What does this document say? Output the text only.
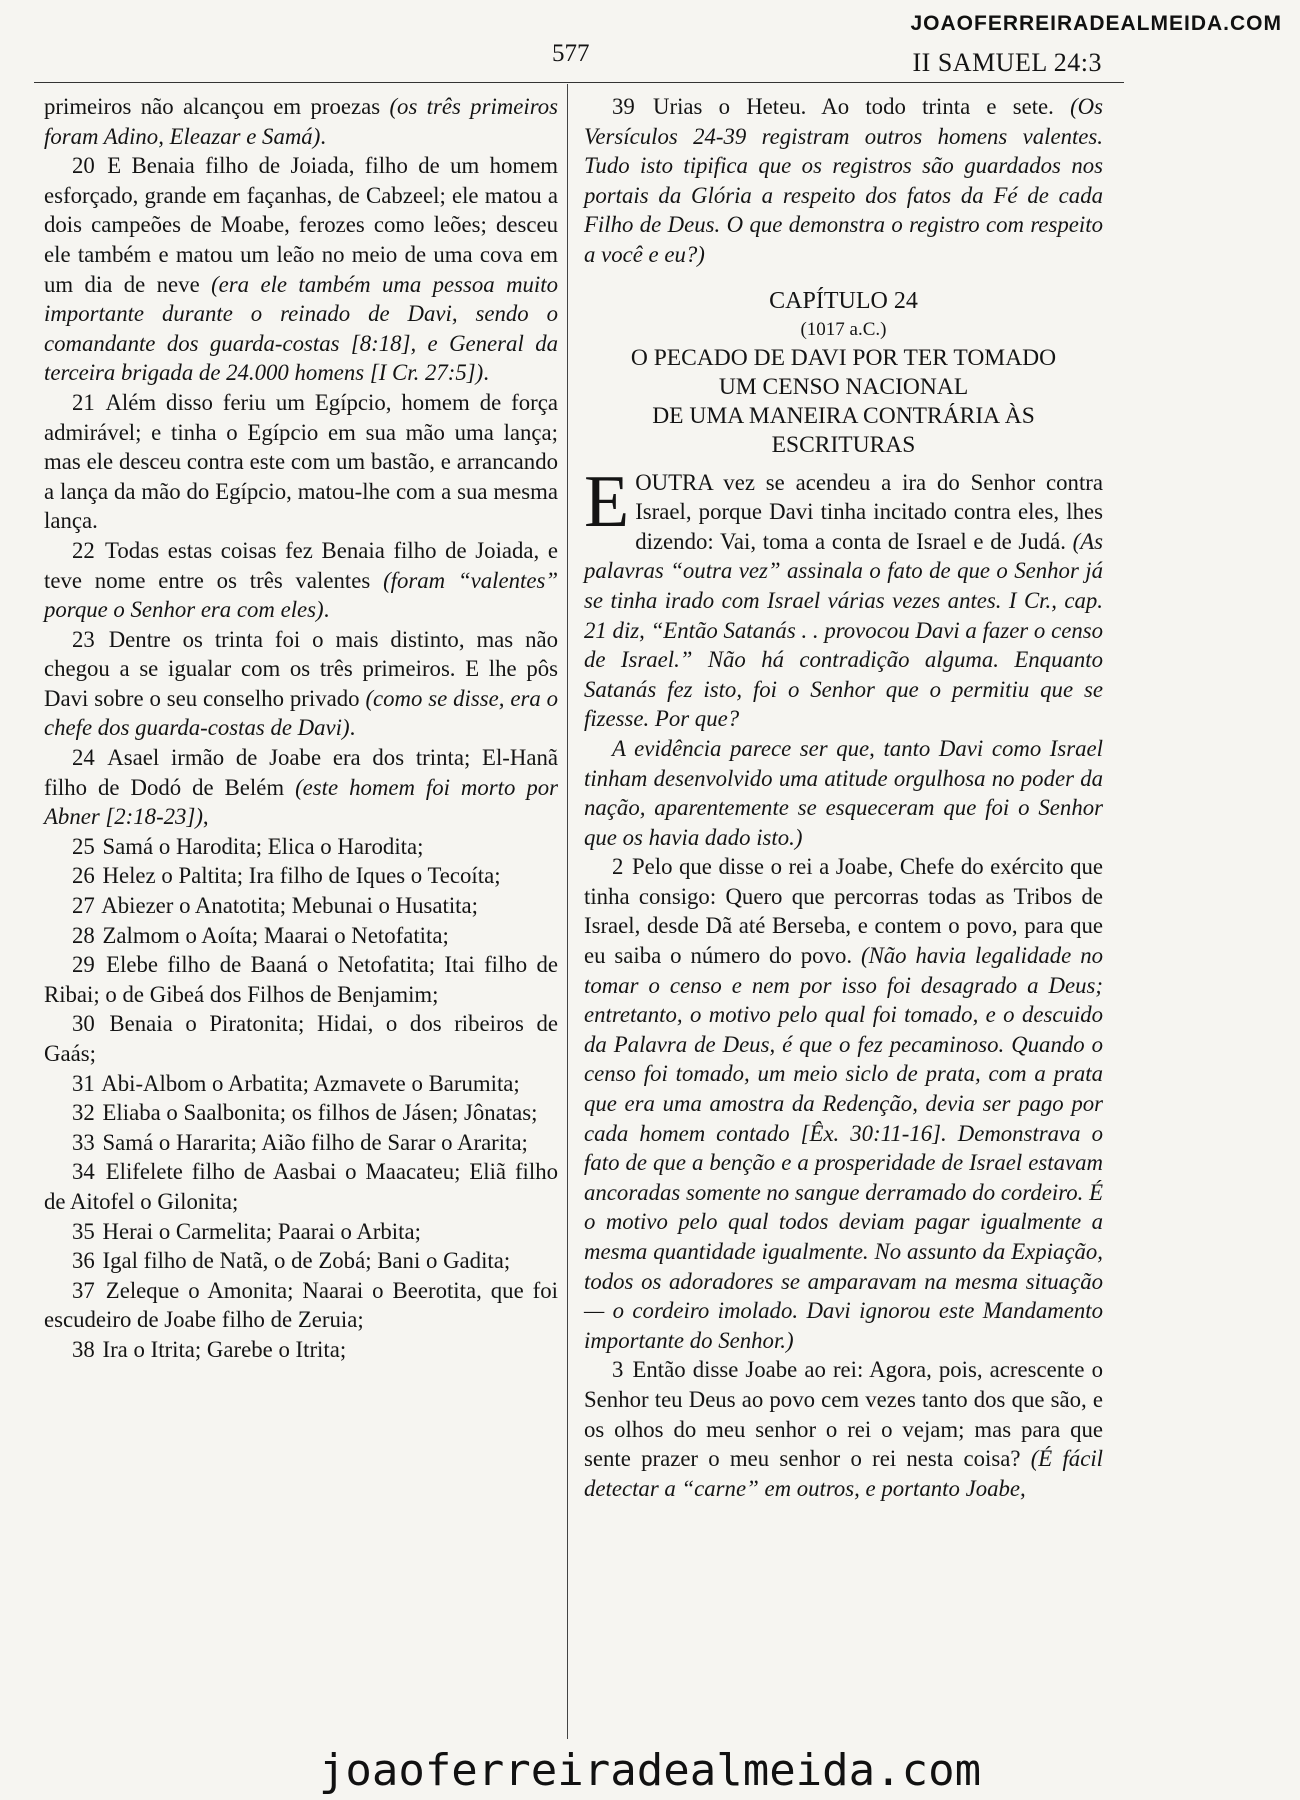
JOAOFERREIRADEALMEIDA.COM
577	II SAMUEL 24:3

primeiros não alcançou em proezas (os três primeiros foram Adino, Eleazar e Samá).

20 E Benaia filho de Joiada, filho de um homem esforçado, grande em façanhas, de Cabzeel; ele matou a dois campeões de Moabe, ferozes como leões; desceu ele também e matou um leão no meio de uma cova em um dia de neve (era ele também uma pessoa muito importante durante o reinado de Davi, sendo o comandante dos guarda-costas [8:18], e General da terceira brigada de 24.000 homens [I Cr. 27:5]).

21 Além disso feriu um Egípcio, homem de força admirável; e tinha o Egípcio em sua mão uma lança; mas ele desceu contra este com um bastão, e arrancando a lança da mão do Egípcio, matou-lhe com a sua mesma lança.

22 Todas estas coisas fez Benaia filho de Joiada, e teve nome entre os três valentes (foram “valentes” porque o Senhor era com eles).

23 Dentre os trinta foi o mais distinto, mas não chegou a se igualar com os três primeiros. E lhe pôs Davi sobre o seu conselho privado (como se disse, era o chefe dos guarda-costas de Davi).

24 Asael irmão de Joabe era dos trinta; El-Hanã filho de Dodó de Belém (este homem foi morto por Abner [2:18-23]),

25 Samá o Harodita; Elica o Harodita;

26 Helez o Paltita; Ira filho de Iques o Tecoíta;

27 Abiezer o Anatotita; Mebunai o Husatita;

28 Zalmom o Aoíta; Maarai o Netofatita;

29 Elebe filho de Baaná o Netofatita; Itai filho de Ribai; o de Gibeá dos Filhos de Benjamim;

30 Benaia o Piratonita; Hidai, o dos ribeiros de Gaás;

31 Abi-Albom o Arbatita; Azmavete o Barumita;

32 Eliaba o Saalbonita; os filhos de Jásen; Jônatas;

33 Samá o Hararita; Aião filho de Sarar o Ararita;

34 Elifelete filho de Aasbai o Maacateu; Eliã filho de Aitofel o Gilonita;

35 Herai o Carmelita; Paarai o Arbita;

36 Igal filho de Natã, o de Zobá; Bani o Gadita;

37 Zeleque o Amonita; Naarai o Beerotita, que foi escudeiro de Joabe filho de Zeruia;

38 Ira o Itrita; Garebe o Itrita;

39 Urias o Heteu. Ao todo trinta e sete. (Os Versículos 24-39 registram outros homens valentes. Tudo isto tipifica que os registros são guardados nos portais da Glória a respeito dos fatos da Fé de cada Filho de Deus. O que demonstra o registro com respeito a você e eu?)

CAPÍTULO 24
(1017 a.C.)
O PECADO DE DAVI POR TER TOMADO
UM CENSO NACIONAL
DE UMA MANEIRA CONTRÁRIA ÀS
ESCRITURAS

EOUTRA vez se acendeu a ira do Senhor contra Israel, porque Davi tinha incitado contra eles, lhes dizendo: Vai, toma a conta de Israel e de Judá. (As palavras “outra vez” assinala o fato de que o Senhor já se tinha irado com Israel várias vezes antes. I Cr., cap. 21 diz, “Então Satanás . . provocou Davi a fazer o censo de Israel.” Não há contradição alguma. Enquanto Satanás fez isto, foi o Senhor que o permitiu que se fizesse. Por que?

A evidência parece ser que, tanto Davi como Israel tinham desenvolvido uma atitude orgulhosa no poder da nação, aparentemente se esqueceram que foi o Senhor que os havia dado isto.)

2 Pelo que disse o rei a Joabe, Chefe do exército que tinha consigo: Quero que percorras todas as Tribos de Israel, desde Dã até Berseba, e contem o povo, para que eu saiba o número do povo. (Não havia legalidade no tomar o censo e nem por isso foi desagrado a Deus; entretanto, o motivo pelo qual foi tomado, e o descuido da Palavra de Deus, é que o fez pecaminoso. Quando o censo foi tomado, um meio siclo de prata, com a prata que era uma amostra da Redenção, devia ser pago por cada homem contado [Êx. 30:11-16]. Demonstrava o fato de que a benção e a prosperidade de Israel estavam ancoradas somente no sangue derramado do cordeiro. É o motivo pelo qual todos deviam pagar igualmente a mesma quantidade igualmente. No assunto da Expiação, todos os adoradores se amparavam na mesma situação — o cordeiro imolado. Davi ignorou este Mandamento importante do Senhor.)

3 Então disse Joabe ao rei: Agora, pois, acrescente o Senhor teu Deus ao povo cem vezes tanto dos que são, e os olhos do meu senhor o rei o vejam; mas para que sente prazer o meu senhor o rei nesta coisa? (É fácil detectar a “carne” em outros, e portanto Joabe,

joaoferreiradealmeida.com
